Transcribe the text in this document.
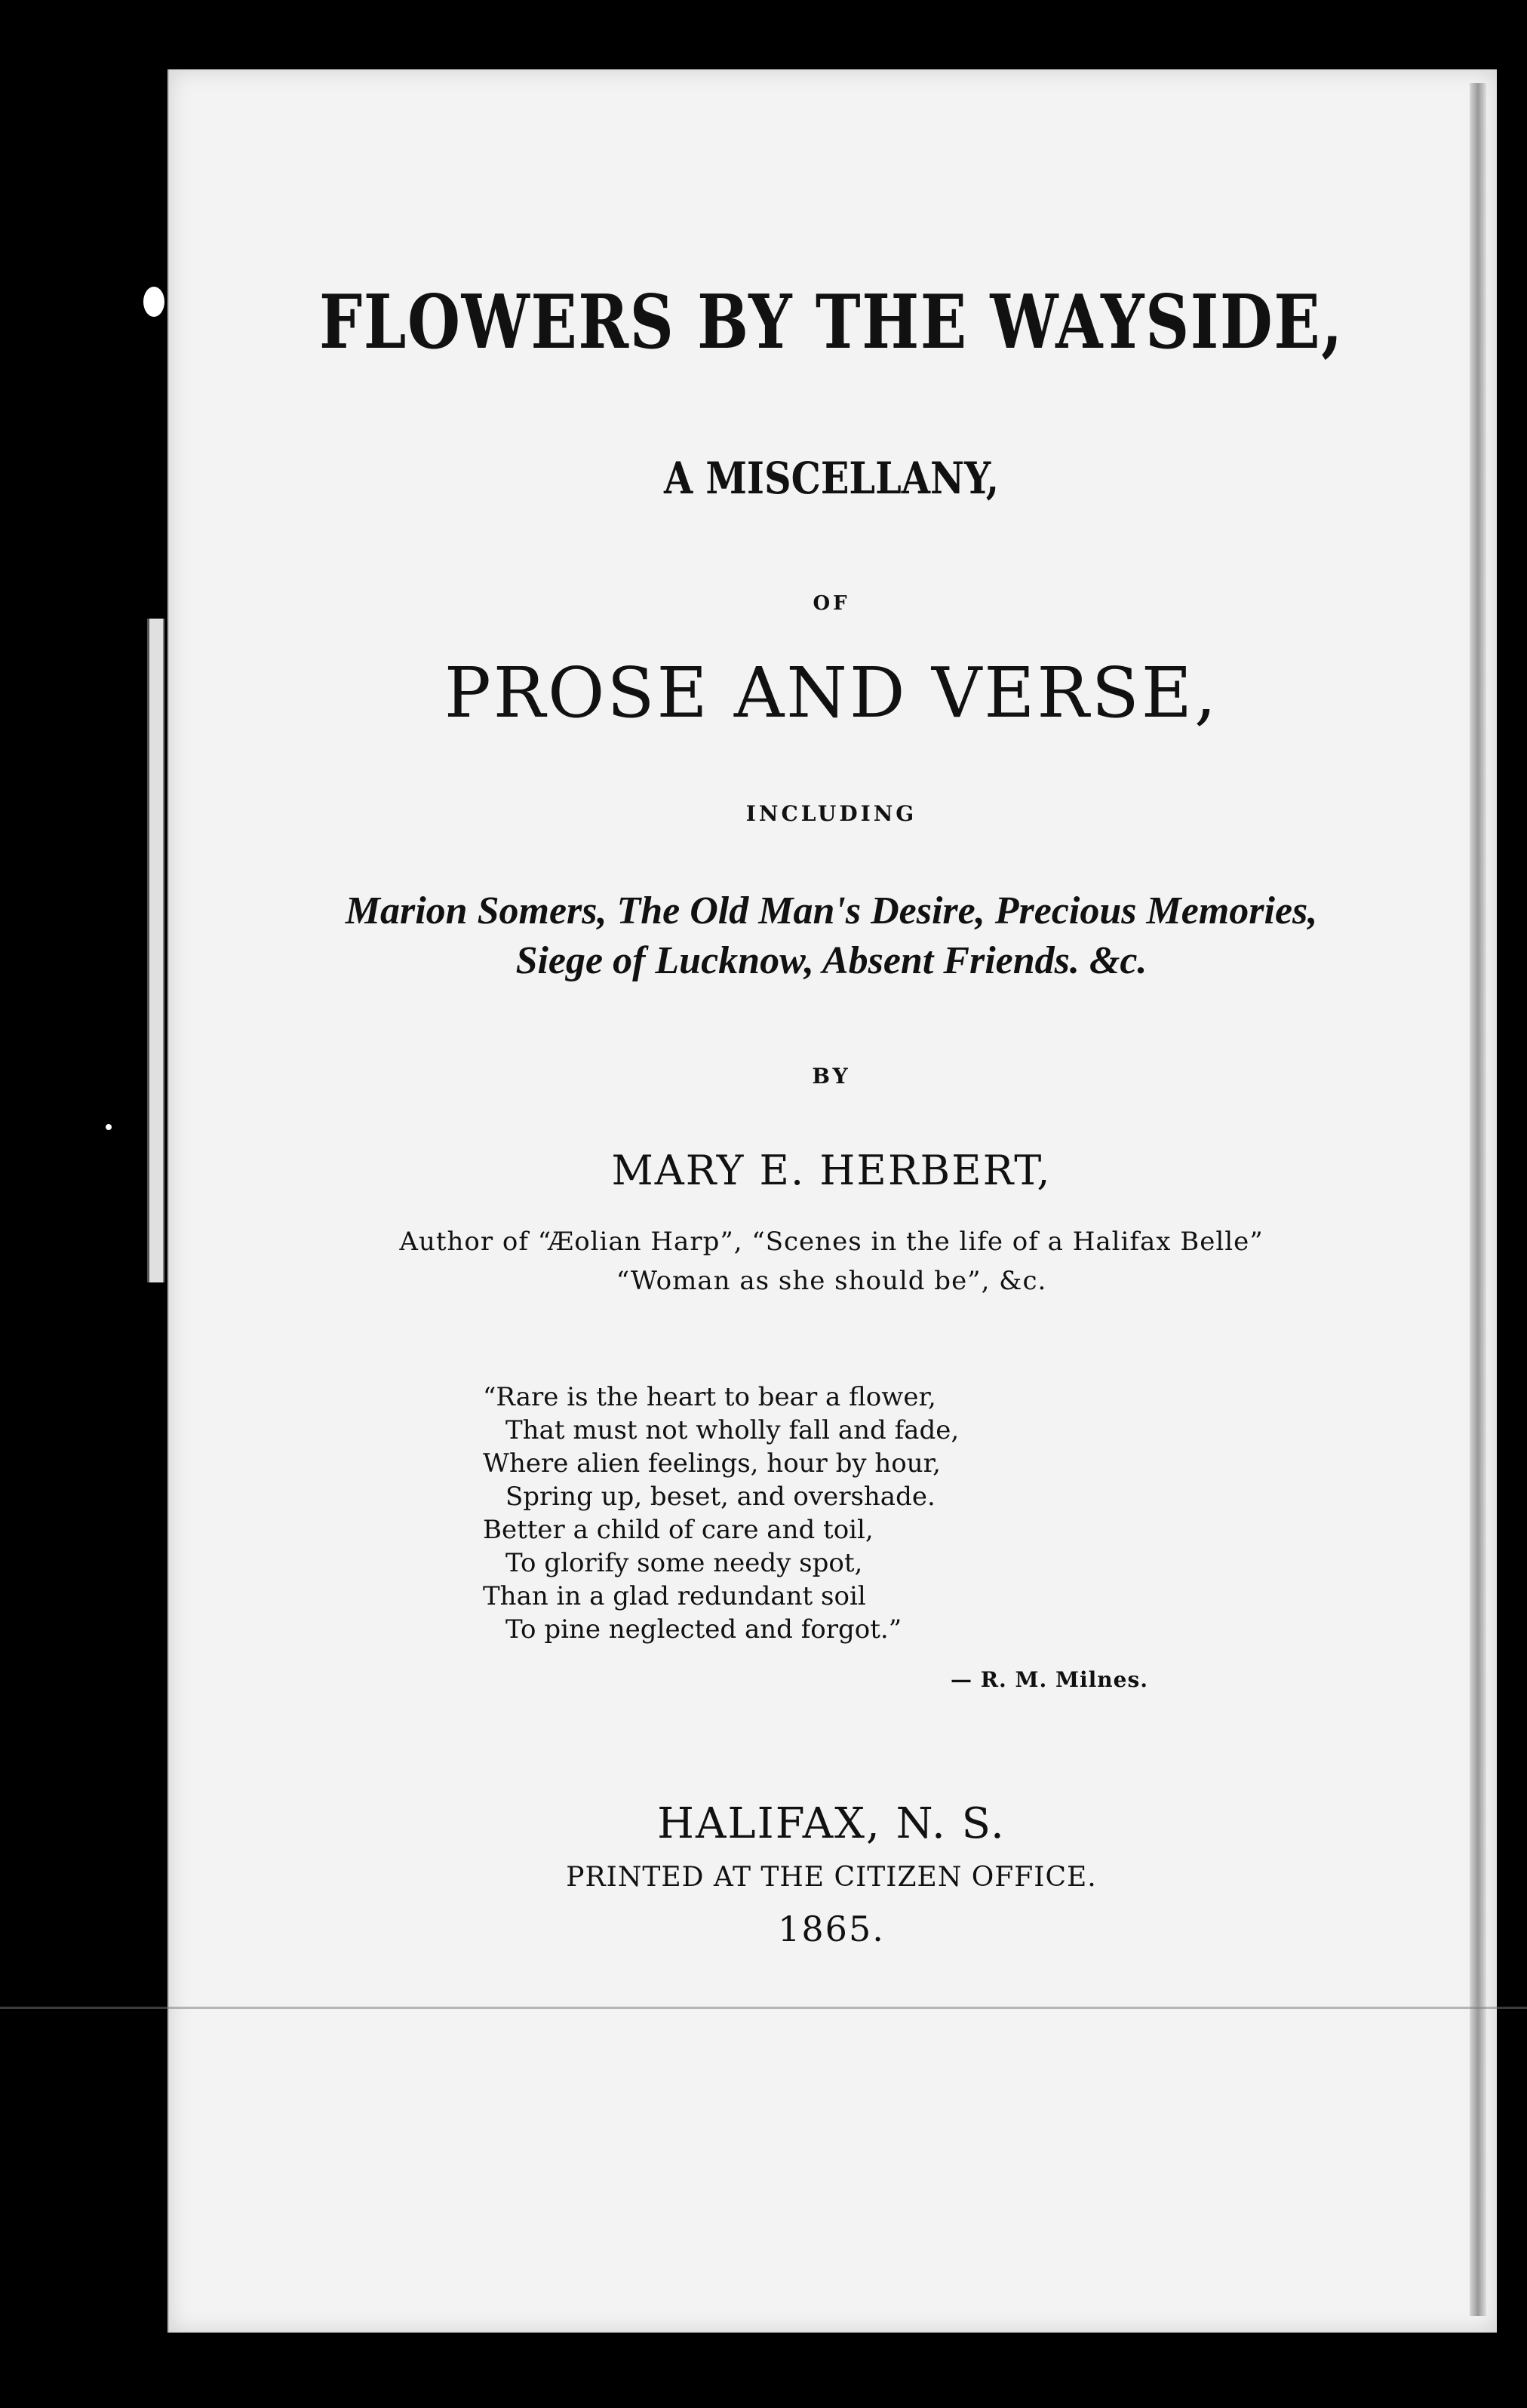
FLOWERS BY THE WAYSIDE,
A MISCELLANY,
OF
PROSE AND VERSE,
INCLUDING
Marion Somers, The Old Man's Desire, Precious Memories,
Siege of Lucknow, Absent Friends. &c.
BY
MARY E. HERBERT,
Author of “Æolian Harp”, “Scenes in the life of a Halifax Belle”
“Woman as she should be”, &c.
“Rare is the heart to bear a flower,
That must not wholly fall and fade,
Where alien feelings, hour by hour,
Spring up, beset, and overshade.
Better a child of care and toil,
To glorify some needy spot,
Than in a glad redundant soil
To pine neglected and forgot.”
— R. M. Milnes.
HALIFAX, N. S.
PRINTED AT THE CITIZEN OFFICE.
1865.
